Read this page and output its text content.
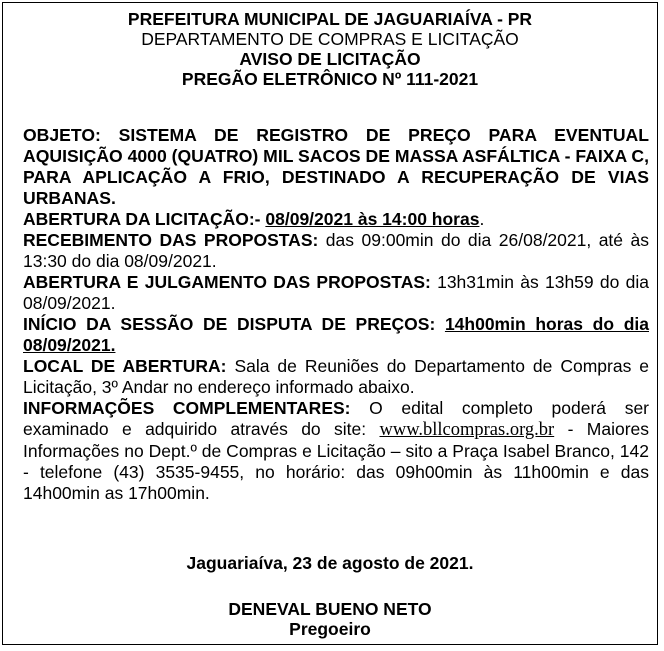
PREFEITURA MUNICIPAL DE JAGUARIAÍVA - PR
DEPARTAMENTO DE COMPRAS E LICITAÇÃO
AVISO DE LICITAÇÃO
PREGÃO ELETRÔNICO Nº 111-2021

OBJETO: SISTEMA DE REGISTRO DE PREÇO PARA EVENTUAL AQUISIÇÃO 4000 (QUATRO) MIL SACOS DE MASSA ASFÁLTICA - FAIXA C, PARA APLICAÇÃO A FRIO, DESTINADO A RECUPERAÇÃO DE VIAS URBANAS.

ABERTURA DA LICITAÇÃO:- 08/09/2021 às 14:00 horas.

RECEBIMENTO DAS PROPOSTAS: das 09:00min do dia 26/08/2021, até às 13:30 do dia 08/09/2021.

ABERTURA E JULGAMENTO DAS PROPOSTAS: 13h31min às 13h59 do dia 08/09/2021.

INÍCIO DA SESSÃO DE DISPUTA DE PREÇOS: 14h00min horas do dia 08/09/2021.

LOCAL DE ABERTURA: Sala de Reuniões do Departamento de Compras e Licitação, 3º Andar no endereço informado abaixo.

INFORMAÇÕES COMPLEMENTARES: O edital completo poderá ser examinado e adquirido através do site: www.bllcompras.org.br - Maiores Informações no Dept.º de Compras e Licitação – sito a Praça Isabel Branco, 142 - telefone (43) 3535-9455, no horário: das 09h00min às 11h00min e das 14h00min as 17h00min.

Jaguariaíva, 23 de agosto de 2021.
DENEVAL BUENO NETO
Pregoeiro
